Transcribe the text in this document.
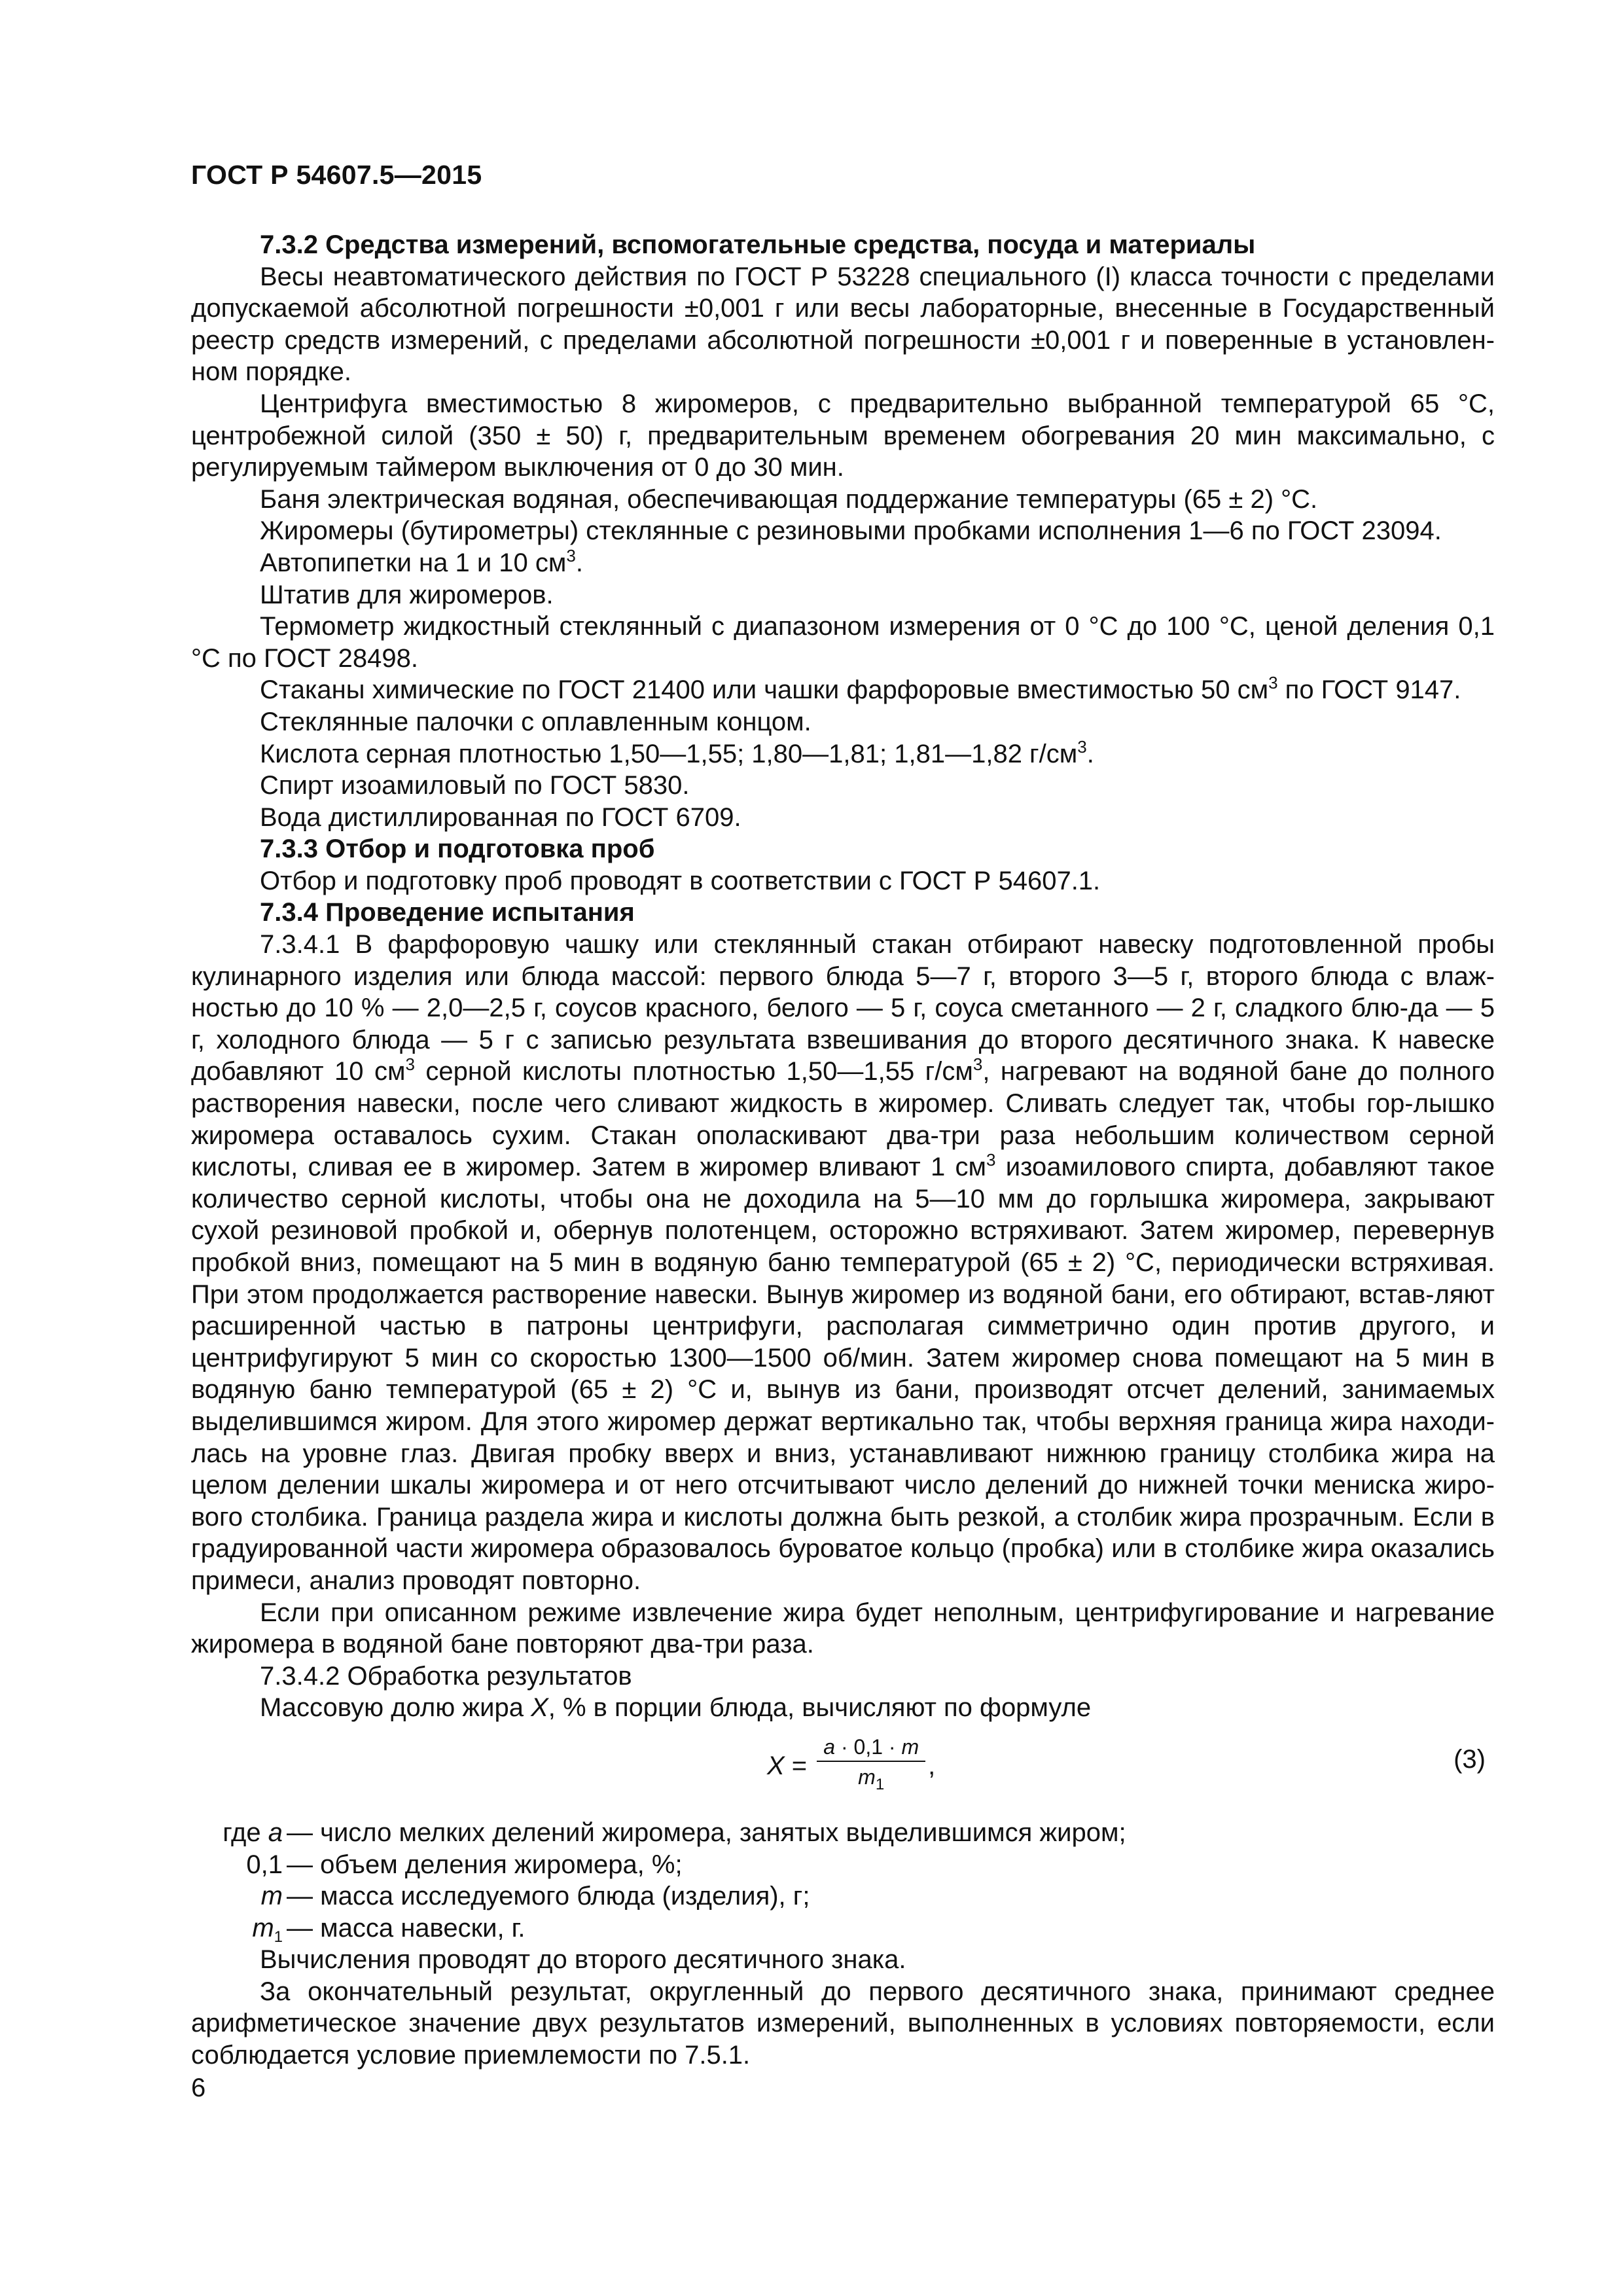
ГОСТ Р 54607.5—2015

7.3.2 Средства измерений, вспомогательные средства, посуда и материалы

Весы неавтоматического действия по ГОСТ Р 53228 специального (I) класса точности с пределами допускаемой абсолютной погрешности ±0,001 г или весы лабораторные, внесенные в Государственный реестр средств измерений, с пределами абсолютной погрешности ±0,001 г и поверенные в установлен-ном порядке.

Центрифуга вместимостью 8 жиромеров, с предварительно выбранной температурой 65 °С, центробежной силой (350 ± 50) г, предварительным временем обогревания 20 мин максимально, с регулируемым таймером выключения от 0 до 30 мин.

Баня электрическая водяная, обеспечивающая поддержание температуры (65 ± 2) °С.

Жиромеры (бутирометры) стеклянные с резиновыми пробками исполнения 1—6 по ГОСТ 23094.

Автопипетки на 1 и 10 $см^3$.

Штатив для жиромеров.

Термометр жидкостный стеклянный с диапазоном измерения от 0 °С до 100 °С, ценой деления 0,1 °С по ГОСТ 28498.

Стаканы химические по ГОСТ 21400 или чашки фарфоровые вместимостью 50 $см^3$ по ГОСТ 9147.

Стеклянные палочки с оплавленным концом.

Кислота серная плотностью 1,50—1,55; 1,80—1,81; 1,81—1,82 $г/см^3$.

Спирт изоамиловый по ГОСТ 5830.

Вода дистиллированная по ГОСТ 6709.

7.3.3 Отбор и подготовка проб

Отбор и подготовку проб проводят в соответствии с ГОСТ Р 54607.1.

7.3.4 Проведение испытания

7.3.4.1 В фарфоровую чашку или стеклянный стакан отбирают навеску подготовленной пробы кулинарного изделия или блюда массой: первого блюда 5—7 г, второго 3—5 г, второго блюда с влаж-ностью до 10 % — 2,0—2,5 г, соусов красного, белого — 5 г, соуса сметанного — 2 г, сладкого блю-да — 5 г, холодного блюда — 5 г с записью результата взвешивания до второго десятичного знака. К навеске добавляют 10 $см^3$ серной кислоты плотностью 1,50—1,55 $г/см^3$, нагревают на водяной бане до полного растворения навески, после чего сливают жидкость в жиромер. Сливать следует так, чтобы гор-лышко жиромера оставалось сухим. Стакан ополаскивают два-три раза небольшим количеством серной кислоты, сливая ее в жиромер. Затем в жиромер вливают 1 $см^3$ изоамилового спирта, добавляют такое количество серной кислоты, чтобы она не доходила на 5—10 мм до горлышка жиромера, закрывают сухой резиновой пробкой и, обернув полотенцем, осторожно встряхивают. Затем жиромер, перевернув пробкой вниз, помещают на 5 мин в водяную баню температурой (65 ± 2) °С, периодически встряхивая. При этом продолжается растворение навески. Вынув жиромер из водяной бани, его обтирают, встав-ляют расширенной частью в патроны центрифуги, располагая симметрично один против другого, и центрифугируют 5 мин со скоростью 1300—1500 об/мин. Затем жиромер снова помещают на 5 мин в водяную баню температурой (65 ± 2) °С и, вынув из бани, производят отсчет делений, занимаемых выделившимся жиром. Для этого жиромер держат вертикально так, чтобы верхняя граница жира находи-лась на уровне глаз. Двигая пробку вверх и вниз, устанавливают нижнюю границу столбика жира на целом делении шкалы жиромера и от него отсчитывают число делений до нижней точки мениска жиро-вого столбика. Граница раздела жира и кислоты должна быть резкой, а столбик жира прозрачным. Если в градуированной части жиромера образовалось буроватое кольцо (пробка) или в столбике жира оказались примеси, анализ проводят повторно.

Если при описанном режиме извлечение жира будет неполным, центрифугирование и нагревание жиромера в водяной бане повторяют два-три раза.

7.3.4.2 Обработка результатов

Массовую долю жира X, % в порции блюда, вычисляют по формуле

$X = \frac{a \cdot 0,1 \cdot m}{m_1}$ ,	(3)
где a — число мелких делений жиромера, занятых выделившимся жиром;
0,1 — объем деления жиромера, %;
m — масса исследуемого блюда (изделия), г;
$m_1$ — масса навески, г.

Вычисления проводят до второго десятичного знака.

За окончательный результат, округленный до первого десятичного знака, принимают среднее арифметическое значение двух результатов измерений, выполненных в условиях повторяемости, если соблюдается условие приемлемости по 7.5.1.

6
